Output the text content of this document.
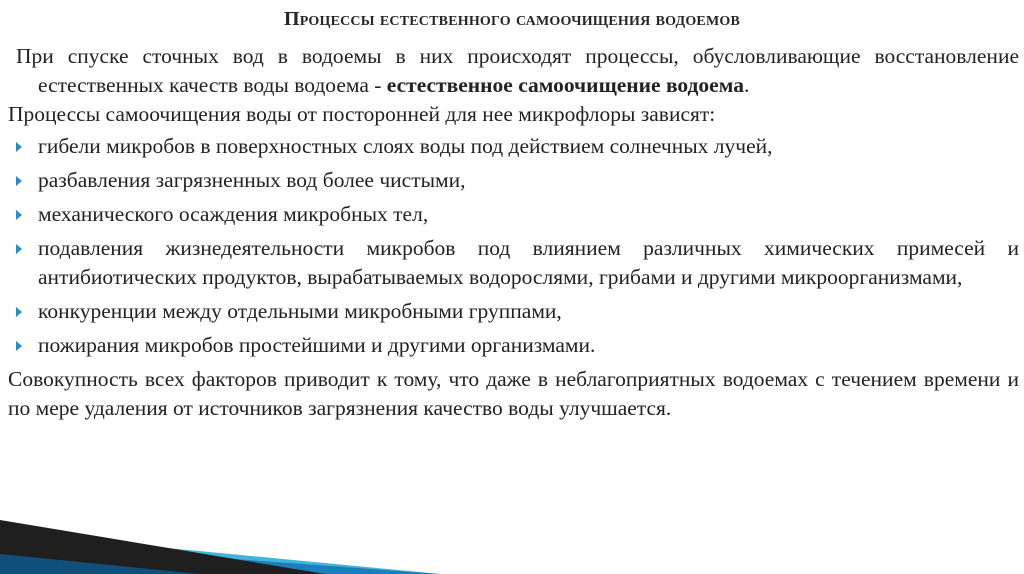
Процессы естественного самоочищения водоемов

При спуске сточных вод в водоемы в них происходят процессы, обусловливающие восстановление естественных качеств воды водоема - естественное самоочищение водоема.

Процессы самоочищения воды от посторонней для нее микрофлоры зависят:

гибели микробов в поверхностных слоях воды под действием солнечных лучей,
разбавления загрязненных вод более чистыми,
механического осаждения микробных тел,
подавления жизнедеятельности микробов под влиянием различных химических примесей и антибиотических продуктов, вырабатываемых водорослями, грибами и другими микроорганизмами,
конкуренции между отдельными микробными группами,
пожирания микробов простейшими и другими организмами.

Совокупность всех факторов приводит к тому, что даже в неблагоприятных водоемах с течением времени и по мере удаления от источников загрязнения качество воды улучшается.
